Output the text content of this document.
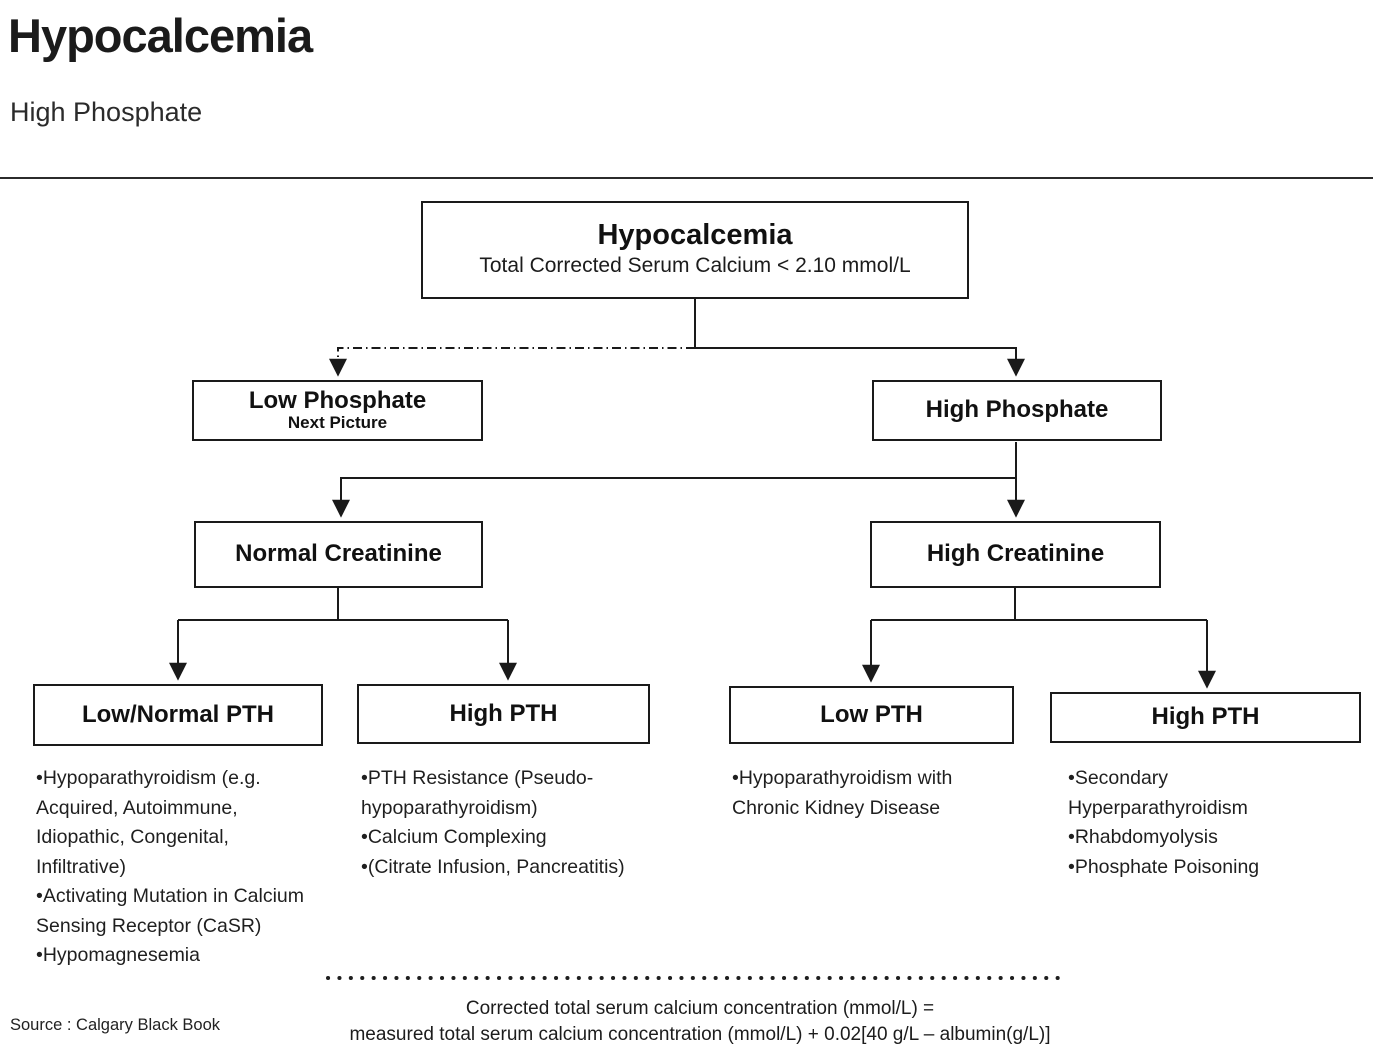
Hypocalcemia
High Phosphate
Hypocalcemia
Total Corrected Serum Calcium < 2.10 mmol/L
Low Phosphate
Next Picture	High Phosphate
Normal Creatinine	High Creatinine
Low/Normal PTH	High PTH	Low PTH	High PTH
•Hypoparathyroidism (e.g. Acquired, Autoimmune, Idiopathic, Congenital, Infiltrative)
•Activating Mutation in Calcium Sensing Receptor (CaSR)
•Hypomagnesemia
•PTH Resistance (Pseudo-hypoparathyroidism)
•Calcium Complexing
•(Citrate Infusion, Pancreatitis)
•Hypoparathyroidism with Chronic Kidney Disease
•Secondary Hyperparathyroidism
•Rhabdomyolysis
•Phosphate Poisoning
Corrected total serum calcium concentration (mmol/L) =
measured total serum calcium concentration (mmol/L) + 0.02[40 g/L – albumin(g/L)]
Source : Calgary Black Book
